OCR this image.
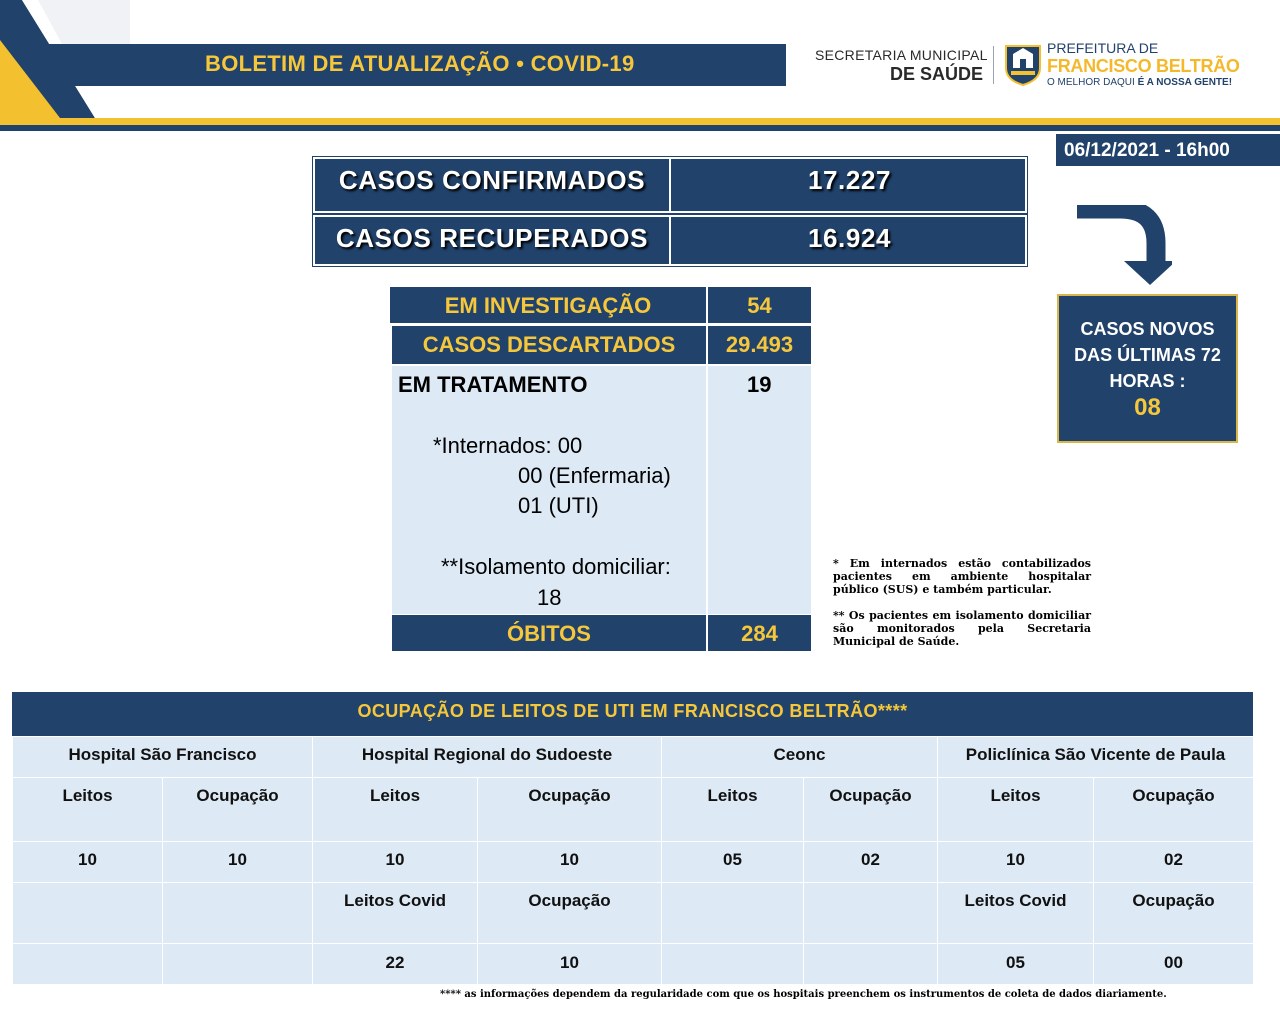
BOLETIM DE ATUALIZAÇÃO • COVID-19	SECRETARIA MUNICIPAL
DE SAÚDE
PREFEITURA DE
FRANCISCO BELTRÃO
O MELHOR DAQUI É A NOSSA GENTE!
06/12/2021 - 16h00
CASOS CONFIRMADOS	17.227
CASOS RECUPERADOS	16.924
EM INVESTIGAÇÃO	54
CASOS DESCARTADOS	29.493
EM TRATAMENTO	19
*Internados: 00
00 (Enfermaria)
01 (UTI)
**Isolamento domiciliar:
18
ÓBITOS	284
* Em internados estão contabilizados pacientes em ambiente hospitalar público (SUS) e também particular.
** Os pacientes em isolamento domiciliar são monitorados pela Secretaria Municipal de Saúde.
CASOS NOVOS
DAS ÚLTIMAS 72
HORAS :
08
OCUPAÇÃO DE LEITOS DE UTI EM FRANCISCO BELTRÃO****
Hospital São Francisco		Hospital Regional do Sudoeste		Ceonc		Policlínica São Vicente de Paula	
Leitos	Ocupação	Leitos	Ocupação	Leitos	Ocupação	Leitos	Ocupação
10	10	10	10	05	02	10	02
		Leitos Covid	Ocupação			Leitos Covid	Ocupação
		22	10			05	00
**** as informações dependem da regularidade com que os hospitais preenchem os instrumentos de coleta de dados diariamente.
